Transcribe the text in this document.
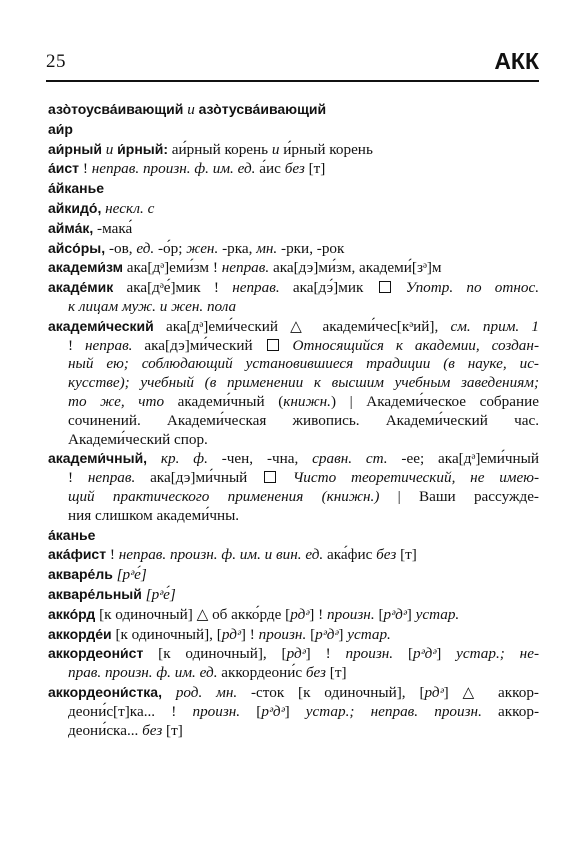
25	АКК
азо̀тоусва́ивающий и азо̀тусва́ивающий
аи́р
аи́рный и и́рный: аи́рный корень и и́рный корень
а́ист ! неправ. произн. ф. им. ед. а́ис без [т]
а́йканье
айкидо́, нескл. с
айма́к, -мака́
айсо́ры, -ов, ед. -о́р; жен. -рка, мн. -рки, -рок
академи́зм ака[дᵊ]еми́зм ! неправ. ака[дэ]ми́зм, академи́[зᵊ]м
акаде́мик ака[дᵊе́]мик ! неправ. ака[дэ́]мик  Употр. по относ.
к лицам муж. и жен. пола
академи́ческий ака[дᵊ]еми́ческий △ академи́чес[кᵊий], см. прим. 1
! неправ. ака[дэ]ми́ческий  Относящийся к академии, создан-
ный ею; соблюдающий установившиеся традиции (в науке, ис-
кусстве); учебный (в применении к высшим учебным заведениям;
то же, что академи́чный (книжн.) | Академи́ческое собрание
сочинений. Академи́ческая живопись. Академи́ческий час.
Академи́ческий спор.
академи́чный, кр. ф. -чен, -чна, сравн. ст. -ее; ака[дᵊ]еми́чный
! неправ. ака[дэ]ми́чный  Чисто теоретический, не имею-
щий практического применения (книжн.) | Ваши рассужде-
ния слишком академи́чны.
а́канье
ака́фист ! неправ. произн. ф. им. и вин. ед. ака́фис без [т]
акваре́ль [рᵊе́]
акваре́льный [рᵊе́]
акко́рд [к одиночный] △ об акко́рде [рдᵊ] ! произн. [рᵊдᵊ] устар.
аккорде́и [к одиночный], [рдᵊ] ! произн. [рᵊдᵊ] устар.
аккордеони́ст [к одиночный], [рдᵊ] ! произн. [рᵊдᵊ] устар.; не-
прав. произн. ф. им. ед. аккордеони́с без [т]
аккордеони́стка, род. мн. -сток [к одиночный], [рдᵊ] △ аккор-
деони́с[т]ка... ! произн. [рᵊдᵊ] устар.; неправ. произн. аккор-
деони́ска... без [т]
